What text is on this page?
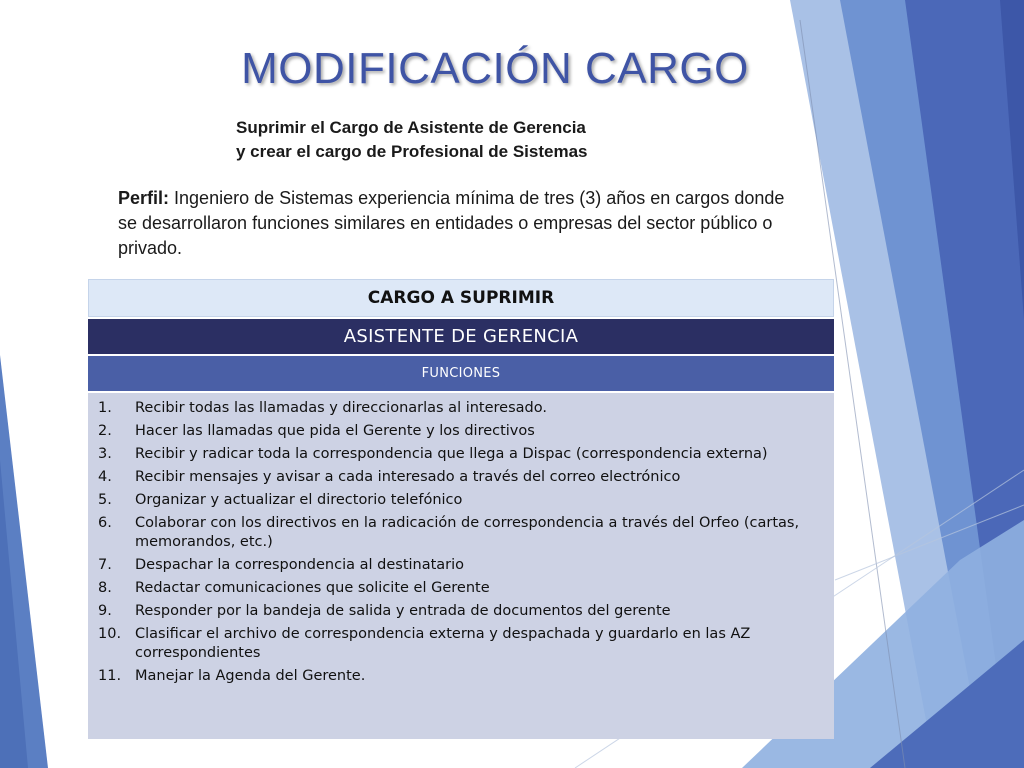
MODIFICACIÓN CARGO
Suprimir el Cargo de Asistente de Gerencia
y crear el cargo de Profesional de Sistemas
Perfil: Ingeniero de Sistemas experiencia mínima de tres (3) años en cargos donde se desarrollaron funciones similares en entidades o empresas del sector público o privado.
CARGO A SUPRIMIR
ASISTENTE DE GERENCIA
FUNCIONES
1.	Recibir todas las llamadas y direccionarlas al interesado.
2.	Hacer las llamadas que pida el Gerente y los directivos
3.	Recibir y radicar toda la correspondencia que llega a Dispac (correspondencia externa)
4.	Recibir mensajes y avisar a cada interesado a través del correo electrónico
5.	Organizar y actualizar el directorio telefónico
6.	Colaborar con los directivos en la radicación de correspondencia a través del Orfeo (cartas, memorandos, etc.)
7.	Despachar la correspondencia al destinatario
8.	Redactar comunicaciones que solicite el Gerente
9.	Responder por la bandeja de salida y entrada de documentos del gerente
10. Clasificar el archivo de correspondencia externa y despachada y guardarlo en las AZ correspondientes
11. Manejar la Agenda del Gerente.
